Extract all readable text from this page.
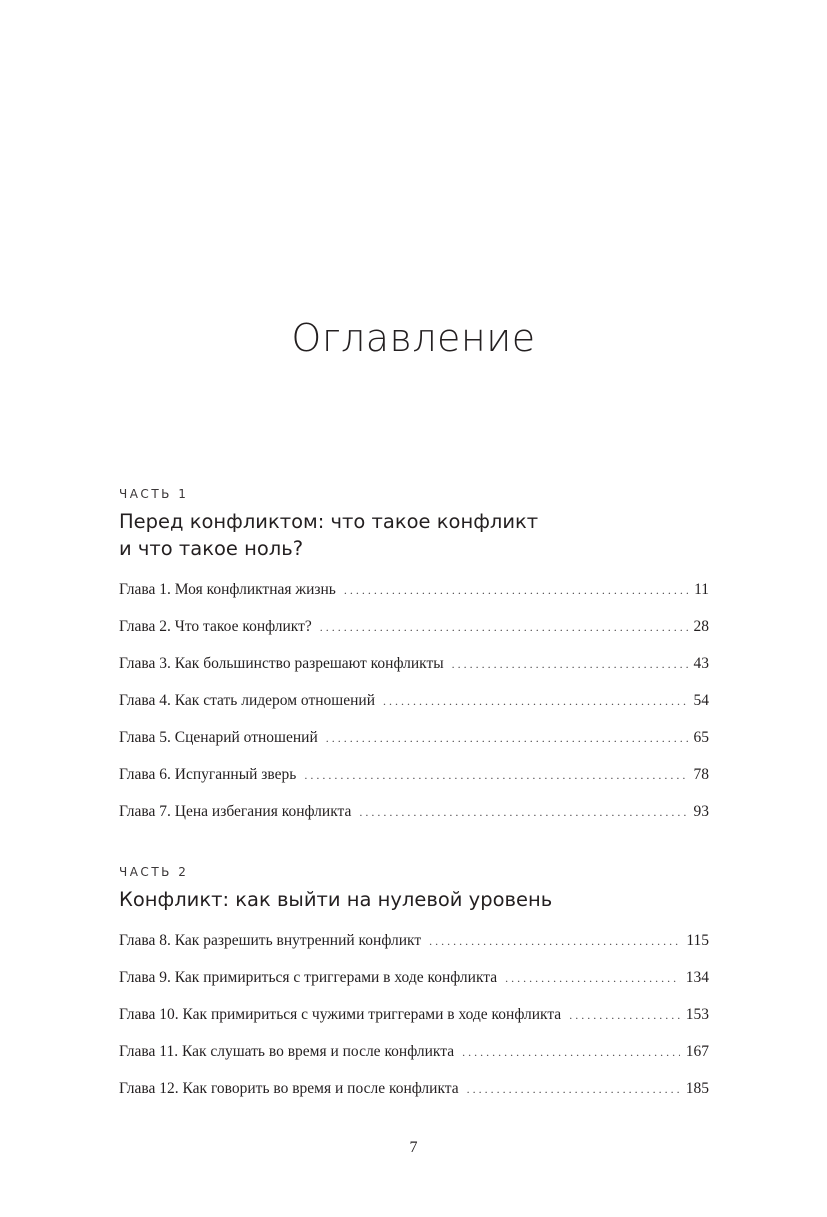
Оглавление
ЧАСТЬ 1
Перед конфликтом: что такое конфликт
и что такое ноль?
Глава 1. Моя конфликтная жизнь . . .	11
Глава 2. Что такое конфликт? . . .	28
Глава 3. Как большинство разрешают конфликты . . .	43
Глава 4. Как стать лидером отношений . . .	54
Глава 5. Сценарий отношений . . .	65
Глава 6. Испуганный зверь . . .	78
Глава 7. Цена избегания конфликта . . .	93
ЧАСТЬ 2
Конфликт: как выйти на нулевой уровень
Глава 8. Как разрешить внутренний конфликт . . .	115
Глава 9. Как примириться с триггерами в ходе конфликта . . .	134
Глава 10. Как примириться с чужими триггерами в ходе конфликта . . .	153
Глава 11. Как слушать во время и после конфликта . . .	167
Глава 12. Как говорить во время и после конфликта . . .	185
7
